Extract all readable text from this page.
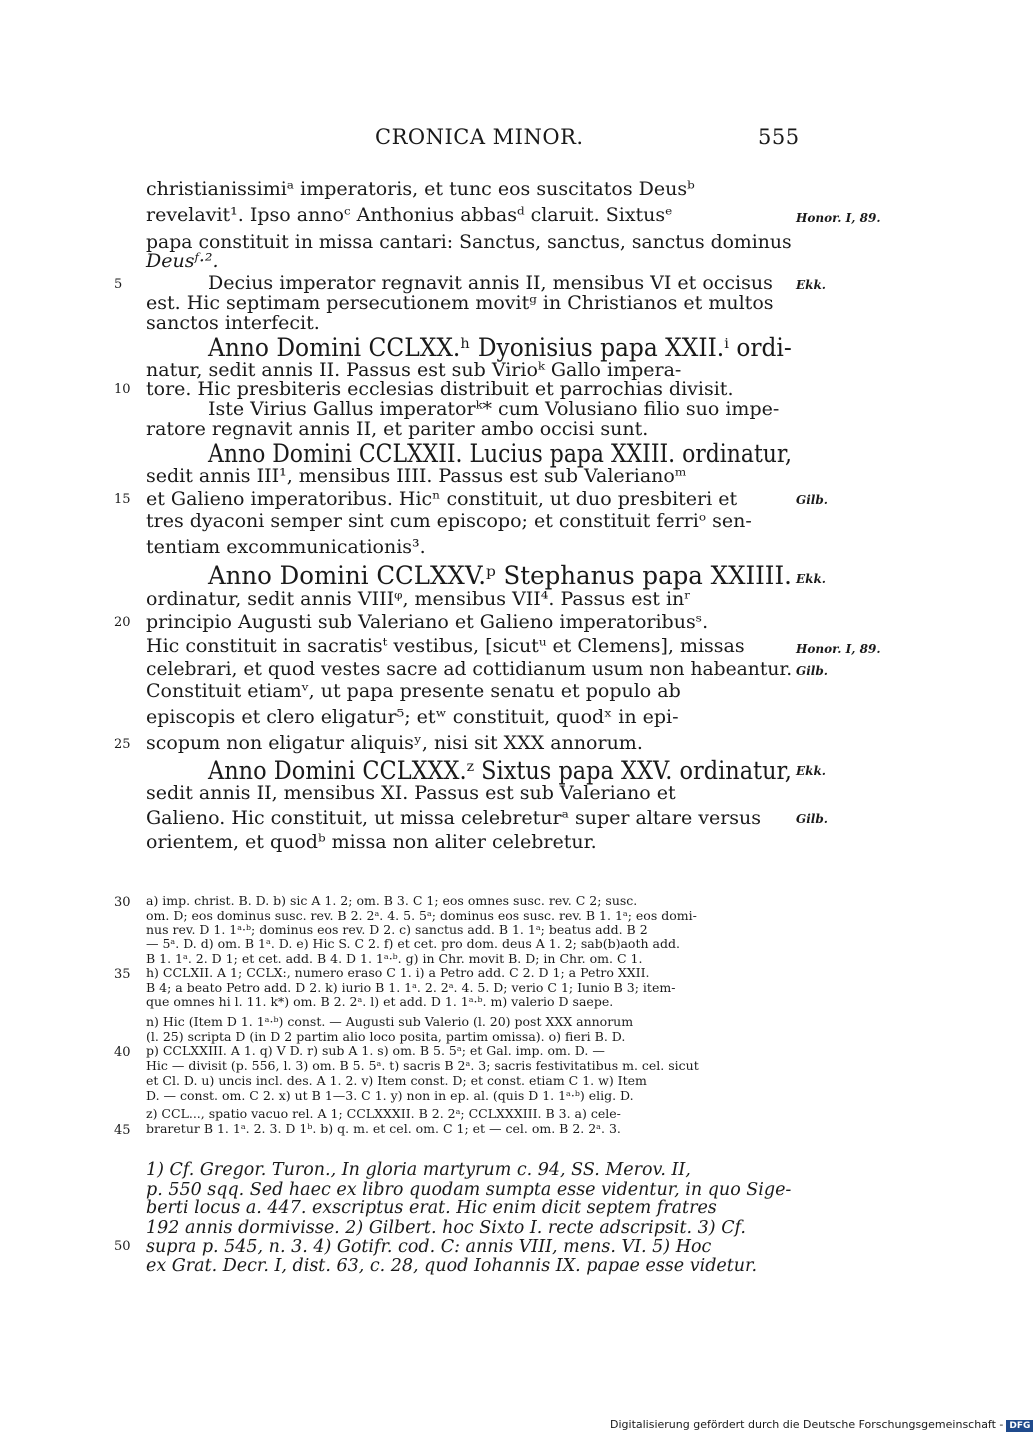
CRONICA MINOR.	555
christianissimiᵃ imperatoris, et tunc eos suscitatos Deusᵇ
revelavit¹. Ipso annoᶜ Anthonius abbasᵈ claruit. Sixtusᵉ
papa constituit in missa cantari: Sanctus, sanctus, sanctus dominus
Deusᶠ·².
Decius imperator regnavit annis II, mensibus VI et occisus
est. Hic septimam persecutionem movitᵍ in Christianos et multos
sanctos interfecit.
Anno Domini CCLXX.ʰ Dyonisius papa XXII.ⁱ ordi-
natur, sedit annis II. Passus est sub Virioᵏ Gallo impera-
tore. Hic presbiteris ecclesias distribuit et parrochias divisit.
Iste Virius Gallus imperatorᵏ* cum Volusiano filio suo impe-
ratore regnavit annis II, et pariter ambo occisi sunt.
Anno Domini CCLXXII. Lucius papa XXIII. ordinatur,
sedit annis III¹, mensibus IIII. Passus est sub Valerianoᵐ
et Galieno imperatoribus. Hicⁿ constituit, ut duo presbiteri et
tres dyaconi semper sint cum episcopo; et constituit ferriᵒ sen-
tentiam excommunicationis³.
Anno Domini CCLXXV.ᵖ Stephanus papa XXIIII.
ordinatur, sedit annis VIIIᵠ, mensibus VII⁴. Passus est inʳ
principio Augusti sub Valeriano et Galieno imperatoribusˢ.
Hic constituit in sacratisᵗ vestibus, [sicutᵘ et Clemens], missas
celebrari, et quod vestes sacre ad cottidianum usum non habeantur.
Constituit etiamᵛ, ut papa presente senatu et populo ab
episcopis et clero eligatur⁵; etʷ constituit, quodˣ in epi-
scopum non eligatur aliquisʸ, nisi sit XXX annorum.
Anno Domini CCLXXX.ᶻ Sixtus papa XXV. ordinatur,
sedit annis II, mensibus XI. Passus est sub Valeriano et
Galieno. Hic constituit, ut missa celebreturᵃ super altare versus
orientem, et quodᵇ missa non aliter celebretur.
5
10
15
20
25
30
35
40
45
50
Honor. I, 89.
Ekk.
Gilb.
Ekk.
Honor. I, 89.
Gilb.
Ekk.
Gilb.
a) imp. christ. B. D. b) sic A 1. 2; om. B 3. C 1; eos omnes susc. rev. C 2; susc.
om. D; eos dominus susc. rev. B 2. 2ᵃ. 4. 5. 5ᵃ; dominus eos susc. rev. B 1. 1ᵃ; eos domi-
nus rev. D 1. 1ᵃ·ᵇ; dominus eos rev. D 2. c) sanctus add. B 1. 1ᵃ; beatus add. B 2
— 5ᵃ. D. d) om. B 1ᵃ. D. e) Hic S. C 2. f) et cet. pro dom. deus A 1. 2; sab(b)aoth add.
B 1. 1ᵃ. 2. D 1; et cet. add. B 4. D 1. 1ᵃ·ᵇ. g) in Chr. movit B. D; in Chr. om. C 1.
h) CCLXII. A 1; CCLX:, numero eraso C 1. i) a Petro add. C 2. D 1; a Petro XXII.
B 4; a beato Petro add. D 2. k) iurio B 1. 1ᵃ. 2. 2ᵃ. 4. 5. D; verio C 1; Iunio B 3; item-
que omnes hi l. 11. k*) om. B 2. 2ᵃ. l) et add. D 1. 1ᵃ·ᵇ. m) valerio D saepe.
n) Hic (Item D 1. 1ᵃ·ᵇ) const. — Augusti sub Valerio (l. 20) post XXX annorum
(l. 25) scripta D (in D 2 partim alio loco posita, partim omissa). o) fieri B. D.
p) CCLXXIII. A 1. q) V D. r) sub A 1. s) om. B 5. 5ᵃ; et Gal. imp. om. D. —
Hic — divisit (p. 556, l. 3) om. B 5. 5ᵃ. t) sacris B 2ᵃ. 3; sacris festivitatibus m. cel. sicut
et Cl. D. u) uncis incl. des. A 1. 2. v) Item const. D; et const. etiam C 1. w) Item
D. — const. om. C 2. x) ut B 1—3. C 1. y) non in ep. al. (quis D 1. 1ᵃ·ᵇ) elig. D.
z) CCL..., spatio vacuo rel. A 1; CCLXXXII. B 2. 2ᵃ; CCLXXXIII. B 3. a) cele-
braretur B 1. 1ᵃ. 2. 3. D 1ᵇ. b) q. m. et cel. om. C 1; et — cel. om. B 2. 2ᵃ. 3.
1) Cf. Gregor. Turon., In gloria martyrum c. 94, SS. Merov. II,
p. 550 sqq. Sed haec ex libro quodam sumpta esse videntur, in quo Sige-
berti locus a. 447. exscriptus erat. Hic enim dicit septem fratres
192 annis dormivisse. 2) Gilbert. hoc Sixto I. recte adscripsit. 3) Cf.
supra p. 545, n. 3. 4) Gotifr. cod. C: annis VIII, mens. VI. 5) Hoc
ex Grat. Decr. I, dist. 63, c. 28, quod Iohannis IX. papae esse videtur.
Digitalisierung gefördert durch die Deutsche Forschungsgemeinschaft - DFG
